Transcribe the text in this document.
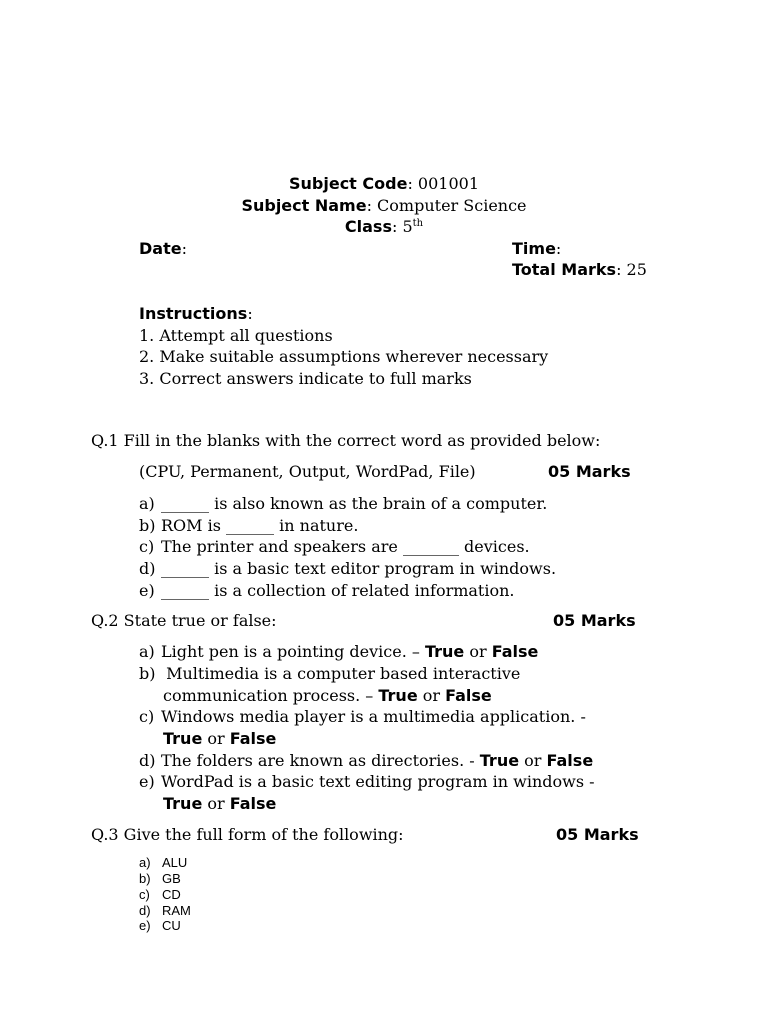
Subject Code: 001001
Subject Name: Computer Science
Class: 5th
Date:	Time:
Total Marks: 25
Instructions:
1. Attempt all questions
2. Make suitable assumptions wherever necessary
3. Correct answers indicate to full marks
Q.1 Fill in the blanks with the correct word as provided below:
(CPU, Permanent, Output, WordPad, File)	05 Marks
a) ______ is also known as the brain of a computer.
b) ROM is ______ in nature.
c) The printer and speakers are _______ devices.
d) ______ is a basic text editor program in windows.
e) ______ is a collection of related information.
Q.2 State true or false:	05 Marks
a) Light pen is a pointing device. – True or False
b) Multimedia is a computer based interactive
communication process. – True or False
c) Windows media player is a multimedia application. -
True or False
d) The folders are known as directories. - True or False
e) WordPad is a basic text editing program in windows -
True or False
Q.3 Give the full form of the following:	05 Marks
a) ALU
b) GB
c) CD
d) RAM
e) CU
